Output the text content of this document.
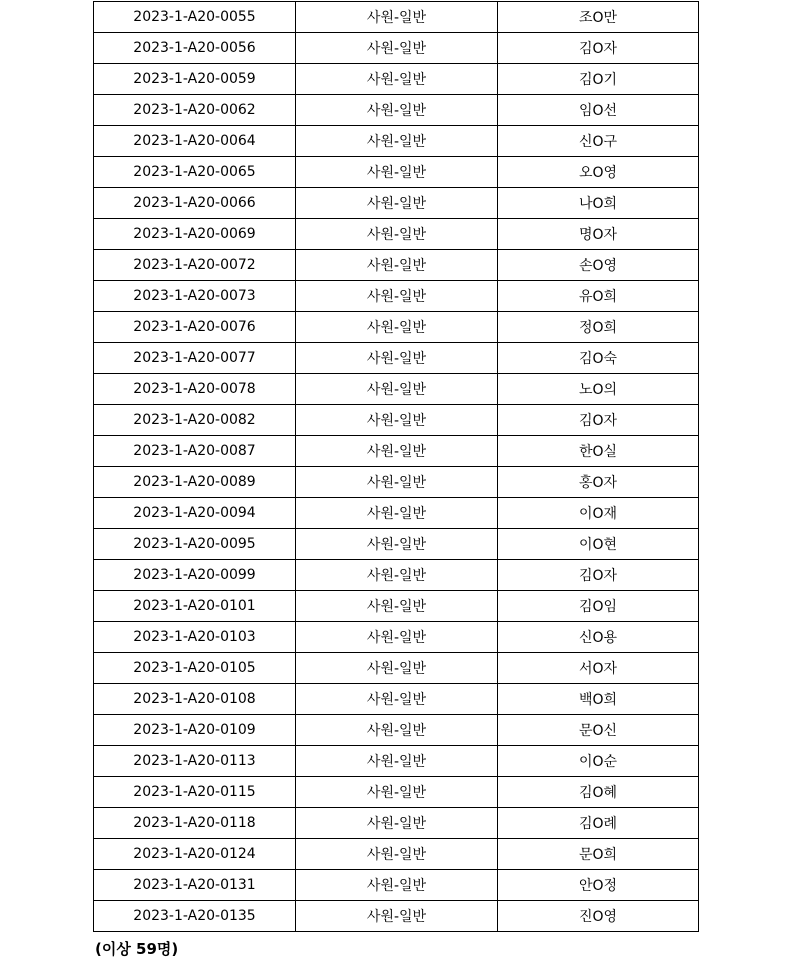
2023-1-A20-0055	사원-일반	조O만
2023-1-A20-0056	사원-일반	김O자
2023-1-A20-0059	사원-일반	김O기
2023-1-A20-0062	사원-일반	임O선
2023-1-A20-0064	사원-일반	신O구
2023-1-A20-0065	사원-일반	오O영
2023-1-A20-0066	사원-일반	나O희
2023-1-A20-0069	사원-일반	명O자
2023-1-A20-0072	사원-일반	손O영
2023-1-A20-0073	사원-일반	유O희
2023-1-A20-0076	사원-일반	정O희
2023-1-A20-0077	사원-일반	김O숙
2023-1-A20-0078	사원-일반	노O의
2023-1-A20-0082	사원-일반	김O자
2023-1-A20-0087	사원-일반	한O실
2023-1-A20-0089	사원-일반	홍O자
2023-1-A20-0094	사원-일반	이O재
2023-1-A20-0095	사원-일반	이O현
2023-1-A20-0099	사원-일반	김O자
2023-1-A20-0101	사원-일반	김O임
2023-1-A20-0103	사원-일반	신O용
2023-1-A20-0105	사원-일반	서O자
2023-1-A20-0108	사원-일반	백O희
2023-1-A20-0109	사원-일반	문O신
2023-1-A20-0113	사원-일반	이O순
2023-1-A20-0115	사원-일반	김O혜
2023-1-A20-0118	사원-일반	김O례
2023-1-A20-0124	사원-일반	문O희
2023-1-A20-0131	사원-일반	안O정
2023-1-A20-0135	사원-일반	진O영
(이상 59명)
